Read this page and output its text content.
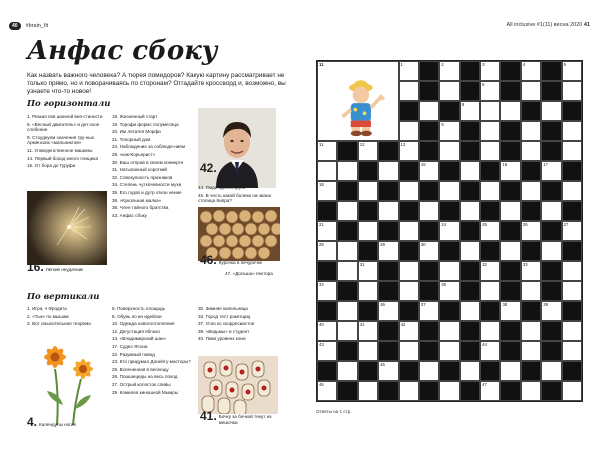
40	#brain_fit	All inclusive #1(11) весна 2020 41
Анфас сбоку
Как назвать важного человека? А тюрея помидоров? Какую картину рассматривает не только прямо, но и поворачиваясь по сторонам? Отгадайте кроссворд и, возможно, вы узнаете что-то новое!
По горизонтали
1. Резкая пев шанной вея-стиности
6. «Весный двигатель» и дет-ское слобение
9. Стоудеуем значения тру-ных Армянских «мальниктов»
11. Уговеденственное машины
14. Первый боход юного гонщика
15. От бора до Гуруфа
18. Жизненный старт
19. Торофи формс полумесяца
20. Им летатея Морфи
21. Топорный дом
24. Наблюдение за соблюде-нием
28. «как-Корьерист»
30. Ваш отправ в своем конверте
31. Натыпанный короткий
32. Совокупность признаков
34. Степень чуткочевности мухи
35. Его годов и дутр откон нение
36. «Кукольная малка»
38. Член тайного братства
43. Анфас сбоку
42.
44. Люди одного круга
45. В честь какой болеки на-звана столица Кипра?
16. Легкие неудачник
46. Курочка в печурочке
47. «Дольша» пектора
По вертикали
1. Игра, ч Фродита
2. «Тык» по мышам
3. Вот смыхотельная теорема
5. Поверхность площадь
8. Обувь по ин идейски
10. Одежда новогоотопления
12. Дегустация яблоко
13. «Владимирский шан»
17. Судно Ясона
22. Разумный повод
23. Кто придумал Донейту-мастеры?
25. Вспененная в весенщу
26. Пошшецеды на весь поход
27. Острый колосток сливы
29. Комилея киношной Мымры
30. Зимняя капельница
33. Город тест ракетщиц
37. Усон ко скорресиистое
39. «Ведьмы» в студент
40. Пики уровенх кони
4. Календулы ногие
41. Бочку за бочкой тянут из мешочка
11	1	2	3	4	5
6
8
9
11	12	13
15	16	17
18
21	24	25	26	27
28	29	30
31	32	33
34	35
36	37	38	39
40	41	42
43	44
45
46	47
Ответы на 1 стр.
